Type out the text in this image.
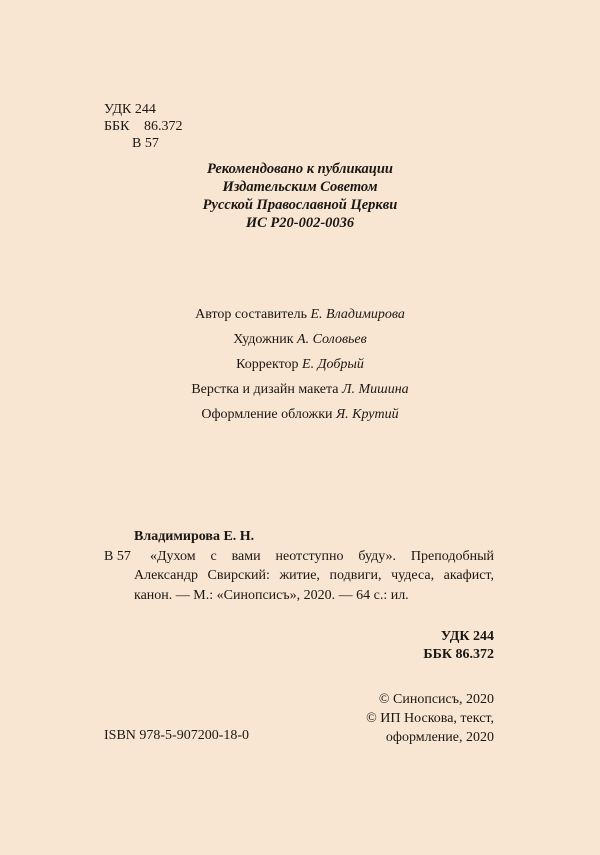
УДК 244
ББК 86.372
В 57
Рекомендовано к публикации
Издательским Советом
Русской Православной Церкви
ИС Р20-002-0036
Автор составитель Е. Владимирова
Художник А. Соловьев
Корректор Е. Добрый
Верстка и дизайн макета Л. Мишина
Оформление обложки Я. Крутий
Владимирова Е. Н.
В 57	«Духом с вами неотступно буду». Преподобный Александр Свирский: житие, подвиги, чудеса, акафист, канон. — М.: «Синопсисъ», 2020. — 64 с.: ил.
УДК 244
ББК 86.372
© Синопсисъ, 2020
© ИП Носкова, текст,
оформление, 2020
ISBN 978-5-907200-18-0
